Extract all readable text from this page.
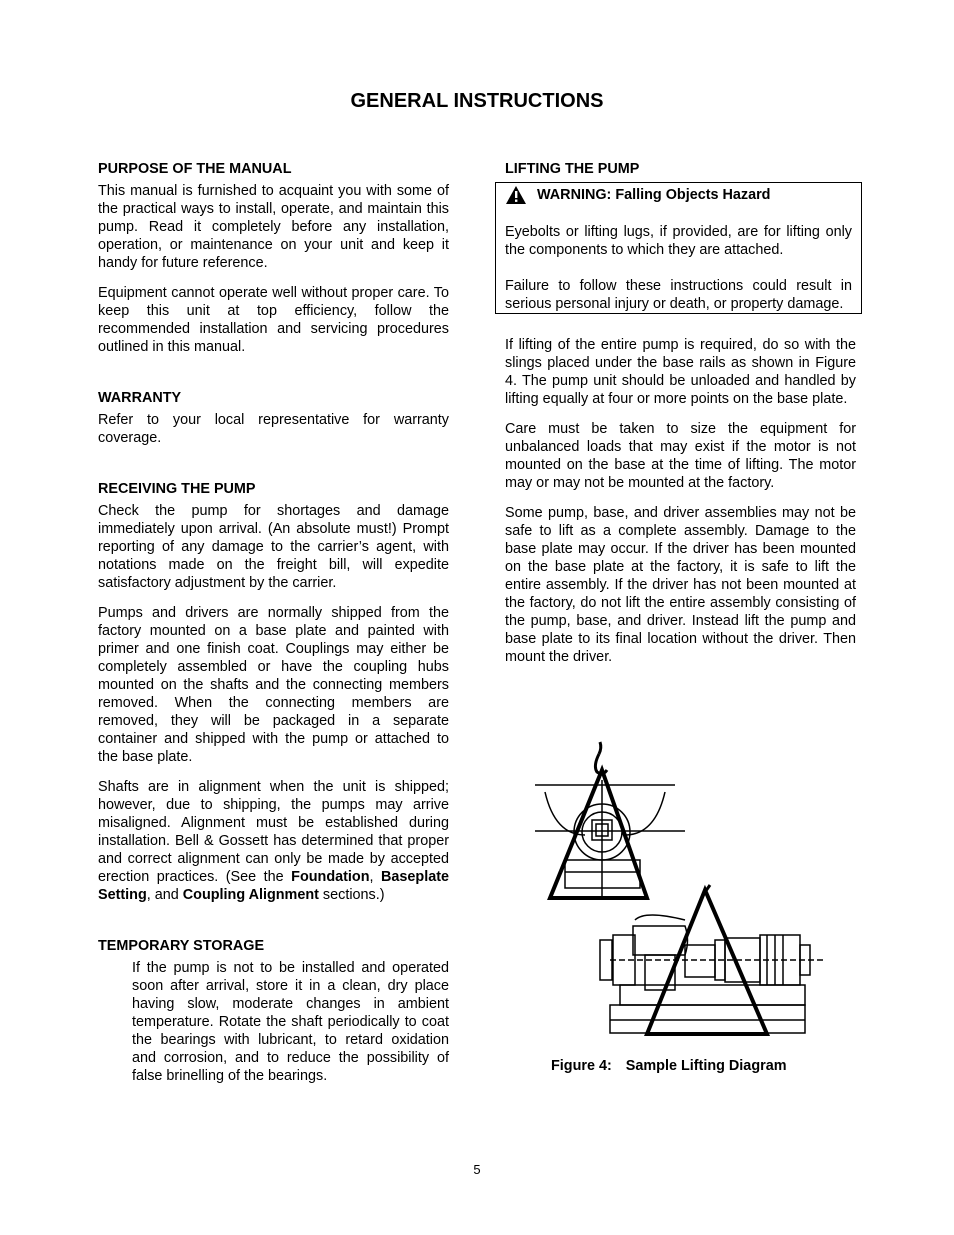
GENERAL INSTRUCTIONS
PURPOSE OF THE MANUAL

This manual is furnished to acquaint you with some of the practical ways to install, operate, and maintain this pump. Read it completely before any installation, operation, or maintenance on your unit and keep it handy for future reference.

Equipment cannot operate well without proper care. To keep this unit at top efficiency, follow the recommended installation and servicing procedures outlined in this manual.

WARRANTY

Refer to your local representative for warranty coverage.

RECEIVING THE PUMP

Check the pump for shortages and damage immediately upon arrival. (An absolute must!) Prompt reporting of any damage to the carrier’s agent, with notations made on the freight bill, will expedite satisfactory adjustment by the carrier.

Pumps and drivers are normally shipped from the factory mounted on a base plate and painted with primer and one finish coat. Couplings may either be completely assembled or have the coupling hubs mounted on the shafts and the connecting members removed. When the connecting members are removed, they will be packaged in a separate container and shipped with the pump or attached to the base plate.

Shafts are in alignment when the unit is shipped; however, due to shipping, the pumps may arrive misaligned. Alignment must be established during installation. Bell & Gossett has determined that proper and correct alignment can only be made by accepted erection practices. (See the Foundation, Baseplate Setting, and Coupling Alignment sections.)

TEMPORARY STORAGE

If the pump is not to be installed and operated soon after arrival, store it in a clean, dry place having slow, moderate changes in ambient temperature. Rotate the shaft periodically to coat the bearings with lubricant, to retard oxidation and corrosion, and to reduce the possibility of false brinelling of the bearings.

LIFTING THE PUMP
WARNING: Falling Objects Hazard

Eyebolts or lifting lugs, if provided, are for lifting only the components to which they are attached.

Failure to follow these instructions could result in serious personal injury or death, or property damage.

If lifting of the entire pump is required, do so with the slings placed under the base rails as shown in Figure 4. The pump unit should be unloaded and handled by lifting equally at four or more points on the base plate.

Care must be taken to size the equipment for unbalanced loads that may exist if the motor is not mounted on the base at the time of lifting. The motor may or may not be mounted at the factory.

Some pump, base, and driver assemblies may not be safe to lift as a complete assembly. Damage to the base plate may occur. If the driver has been mounted on the base plate at the factory, it is safe to lift the entire assembly. If the driver has not been mounted at the factory, do not lift the entire assembly consisting of the pump, base, and driver. Instead lift the pump and base plate to its final location without the driver. Then mount the driver.

Figure 4: Sample Lifting Diagram
5
